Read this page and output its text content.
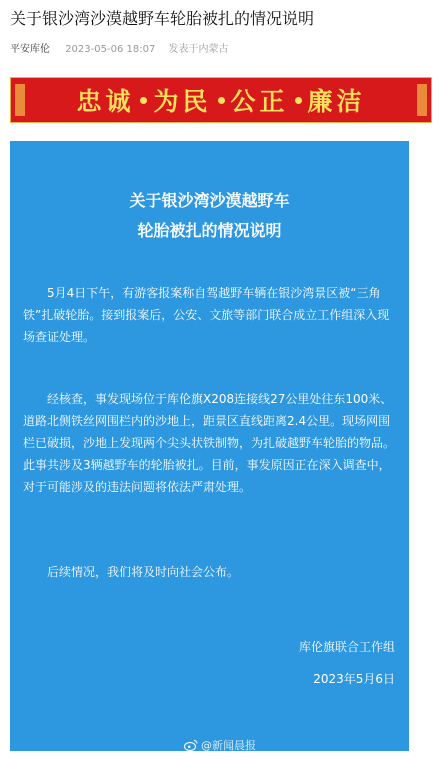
关于银沙湾沙漠越野车轮胎被扎的情况说明
平安库伦 2023-05-06 18:07 发表于内蒙古
忠诚 为民 公正 廉洁
关于银沙湾沙漠越野车
轮胎被扎的情况说明

5月4日下午，有游客报案称自驾越野车辆在银沙湾景区被“三角铁”扎破轮胎。接到报案后，公安、文旅等部门联合成立工作组深入现场查证处理。

经核查，事发现场位于库伦旗X208连接线27公里处往东100米、道路北侧铁丝网围栏内的沙地上，距景区直线距离2.4公里。现场网围栏已破损，沙地上发现两个尖头状铁制物，为扎破越野车轮胎的物品。此事共涉及3辆越野车的轮胎被扎。目前，事发原因正在深入调查中，对于可能涉及的违法问题将依法严肃处理。

后续情况，我们将及时向社会公布。

库伦旗联合工作组
2023年5月6日
@新闻晨报
